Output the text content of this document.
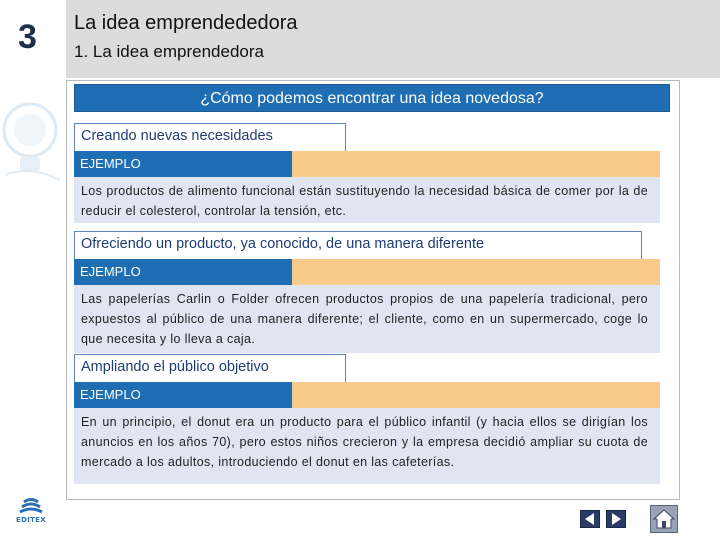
3 La idea emprendededora
1. La idea emprendedora
¿Cómo podemos encontrar una idea novedosa?
Creando nuevas necesidades
EJEMPLO

Los productos de alimento funcional están sustituyendo la necesidad básica de comer por la de reducir el colesterol, controlar la tensión, etc.

Ofreciendo un producto, ya conocido, de una manera diferente
EJEMPLO

Las papelerías Carlin o Folder ofrecen productos propios de una papelería tradicional, pero expuestos al público de una manera diferente; el cliente, como en un supermercado, coge lo que necesita y lo lleva a caja.

Ampliando el público objetivo
EJEMPLO

En un principio, el donut era un producto para el público infantil (y hacia ellos se dirigían los anuncios en los años 70), pero estos niños crecieron y la empresa decidió ampliar su cuota de mercado a los adultos, introduciendo el donut en las cafeterías.

EDITEX
